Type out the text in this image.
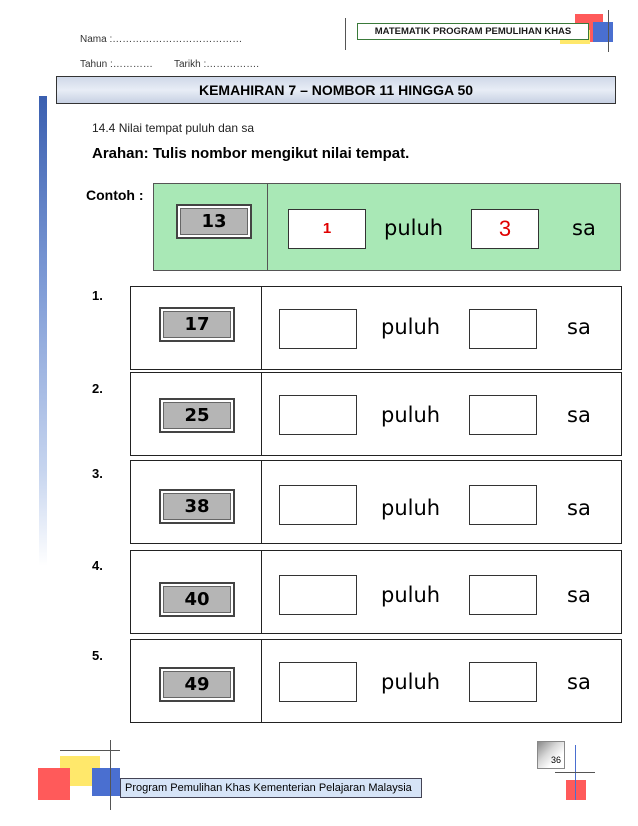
Nama :…………………………………
Tahun :………… Tarikh :…………….
MATEMATIK PROGRAM PEMULIHAN KHAS
KEMAHIRAN 7 – NOMBOR 11 HINGGA 50
14.4 Nilai tempat puluh dan sa
Arahan: Tulis nombor mengikut nilai tempat.
Contoh :
13	1	puluh	3	sa
1.
17	puluh	sa
2.
25	puluh	sa
3.
38	puluh	sa
4.
40	puluh	sa
5.
49	puluh	sa
36
Program Pemulihan Khas Kementerian Pelajaran Malaysia
